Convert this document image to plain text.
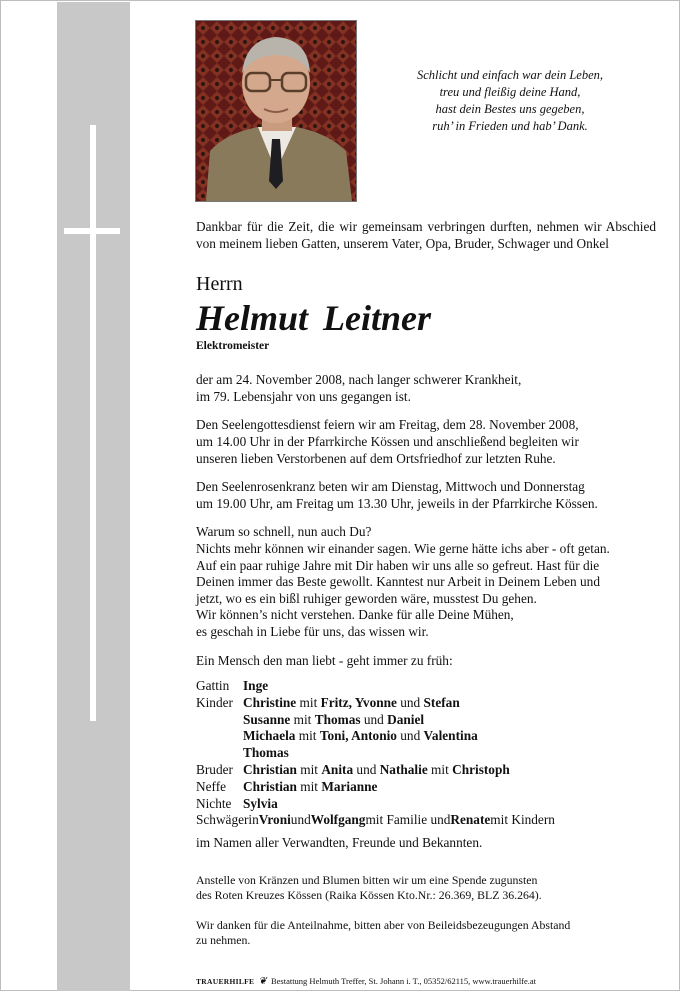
Schlicht und einfach war dein Leben,
treu und fleißig deine Hand,
hast dein Bestes uns gegeben,
ruh’ in Frieden und hab’ Dank.

Dankbar für die Zeit, die wir gemeinsam verbringen durften, nehmen wir Abschied von meinem lieben Gatten, unserem Vater, Opa, Bruder, Schwager und Onkel

Herrn

Helmut Leitner

Elektromeister

der am 24. November 2008, nach langer schwerer Krankheit,

im 79. Lebensjahr von uns gegangen ist.

Den Seelengottesdienst feiern wir am Freitag, dem 28. November 2008,

um 14.00 Uhr in der Pfarrkirche Kössen und anschließend begleiten wir

unseren lieben Verstorbenen auf dem Ortsfriedhof zur letzten Ruhe.

Den Seelenrosenkranz beten wir am Dienstag, Mittwoch und Donnerstag

um 19.00 Uhr, am Freitag um 13.30 Uhr, jeweils in der Pfarrkirche Kössen.

Warum so schnell, nun auch Du?

Nichts mehr können wir einander sagen. Wie gerne hätte ichs aber - oft getan.

Auf ein paar ruhige Jahre mit Dir haben wir uns alle so gefreut. Hast für die

Deinen immer das Beste gewollt. Kanntest nur Arbeit in Deinem Leben und

jetzt, wo es ein bißl ruhiger geworden wäre, musstest Du gehen.

Wir können’s nicht verstehen. Danke für alle Deine Mühen,

es geschah in Liebe für uns, das wissen wir.

Ein Mensch den man liebt - geht immer zu früh:

Gattin	Inge
Kinder Christine mit Fritz, Yvonne und Stefan
Susanne mit Thomas und Daniel
Michaela mit Toni, Antonio und Valentina
Thomas
Bruder Christian mit Anita und Nathalie mit Christoph
Neffe	Christian mit Marianne
Nichte Sylvia
Schwägerin Vroni und Wolfgang mit Familie und Renate mit Kindern

im Namen aller Verwandten, Freunde und Bekannten.

Anstelle von Kränzen und Blumen bitten wir um eine Spende zugunsten

des Roten Kreuzes Kössen (Raika Kössen Kto.Nr.: 26.369, BLZ 36.264).

Wir danken für die Anteilnahme, bitten aber von Beileidsbezeugungen Abstand

zu nehmen.

TRAUERHILFE ❦ Bestattung Helmuth Treffer, St. Johann i. T., 05352/62115, www.trauerhilfe.at
